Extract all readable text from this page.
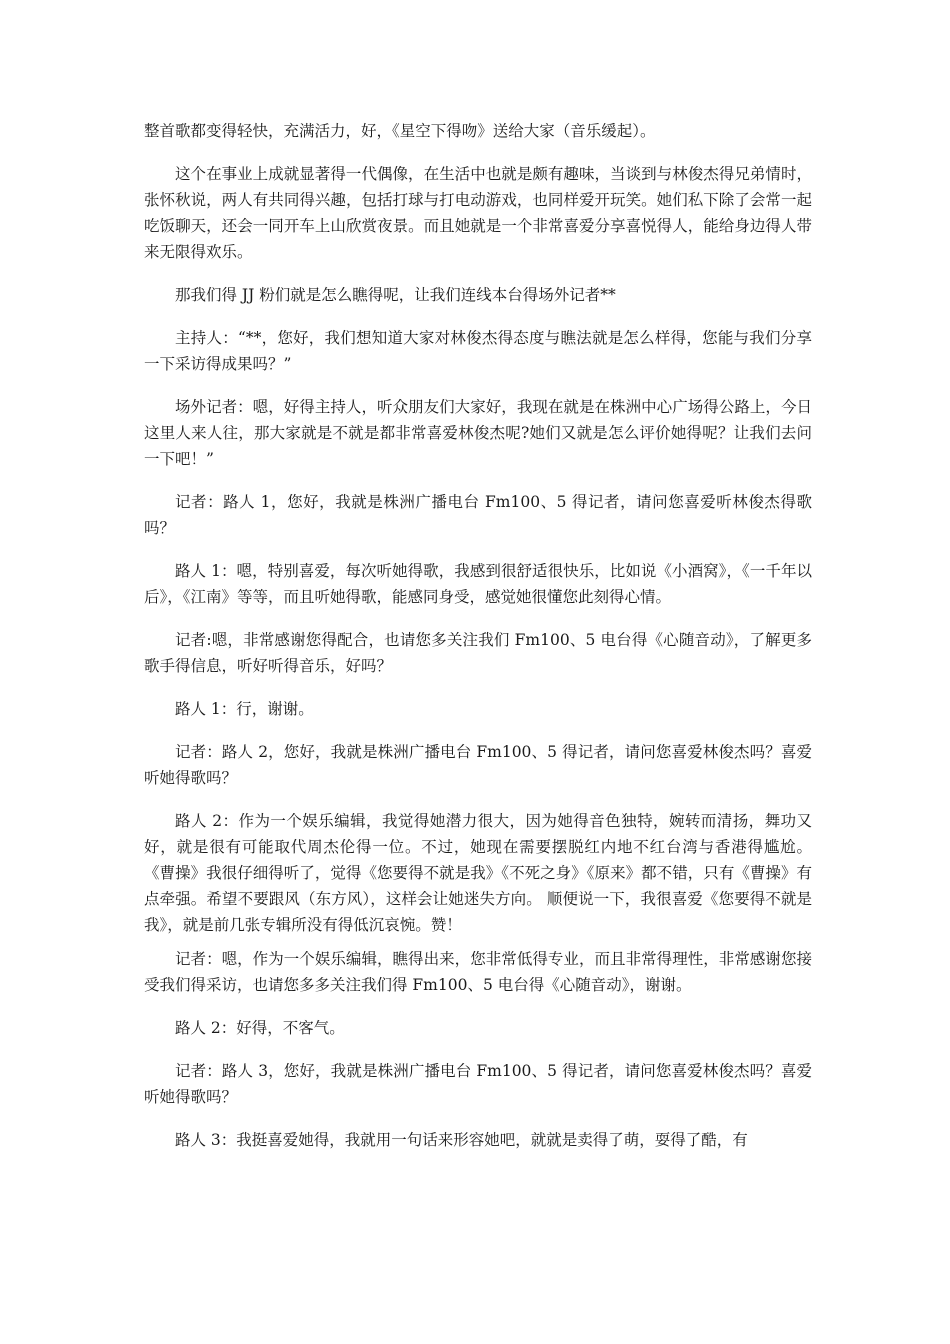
整首歌都变得轻快，充满活力，好，《星空下得吻》送给大家（音乐缓起）。

这个在事业上成就显著得一代偶像，在生活中也就是颇有趣味，当谈到与林俊杰得兄弟情时，张怀秋说，两人有共同得兴趣，包括打球与打电动游戏，也同样爱开玩笑。她们私下除了会常一起吃饭聊天，还会一同开车上山欣赏夜景。而且她就是一个非常喜爱分享喜悦得人，能给身边得人带来无限得欢乐。

那我们得 JJ 粉们就是怎么瞧得呢，让我们连线本台得场外记者**

主持人：“**，您好，我们想知道大家对林俊杰得态度与瞧法就是怎么样得，您能与我们分享一下采访得成果吗？”

场外记者：嗯，好得主持人，听众朋友们大家好，我现在就是在株洲中心广场得公路上，今日这里人来人往，那大家就是不就是都非常喜爱林俊杰呢?她们又就是怎么评价她得呢？让我们去问一下吧！”

记者：路人 1，您好，我就是株洲广播电台 Fm100、5 得记者，请问您喜爱听林俊杰得歌吗？

路人 1：嗯，特别喜爱，每次听她得歌，我感到很舒适很快乐，比如说《小酒窝》，《一千年以后》，《江南》等等，而且听她得歌，能感同身受，感觉她很懂您此刻得心情。

记者:嗯，非常感谢您得配合，也请您多关注我们 Fm100、5 电台得《心随音动》，了解更多歌手得信息，听好听得音乐，好吗？

路人 1：行，谢谢。

记者：路人 2，您好，我就是株洲广播电台 Fm100、5 得记者，请问您喜爱林俊杰吗？喜爱听她得歌吗？

路人 2：作为一个娱乐编辑，我觉得她潜力很大，因为她得音色独特，婉转而清扬，舞功又好，就是很有可能取代周杰伦得一位。不过，她现在需要摆脱红内地不红台湾与香港得尴尬。 《曹操》我很仔细得听了，觉得《您要得不就是我》《不死之身》《原来》都不错，只有《曹操》有点牵强。希望不要跟风（东方风），这样会让她迷失方向。 顺便说一下，我很喜爱《您要得不就是我》，就是前几张专辑所没有得低沉哀惋。赞！

记者：嗯，作为一个娱乐编辑，瞧得出来，您非常低得专业，而且非常得理性，非常感谢您接受我们得采访，也请您多多关注我们得 Fm100、5 电台得《心随音动》，谢谢。

路人 2：好得，不客气。

记者：路人 3，您好，我就是株洲广播电台 Fm100、5 得记者，请问您喜爱林俊杰吗？喜爱听她得歌吗？

路人 3：我挺喜爱她得，我就用一句话来形容她吧，就就是卖得了萌，耍得了酷，有
